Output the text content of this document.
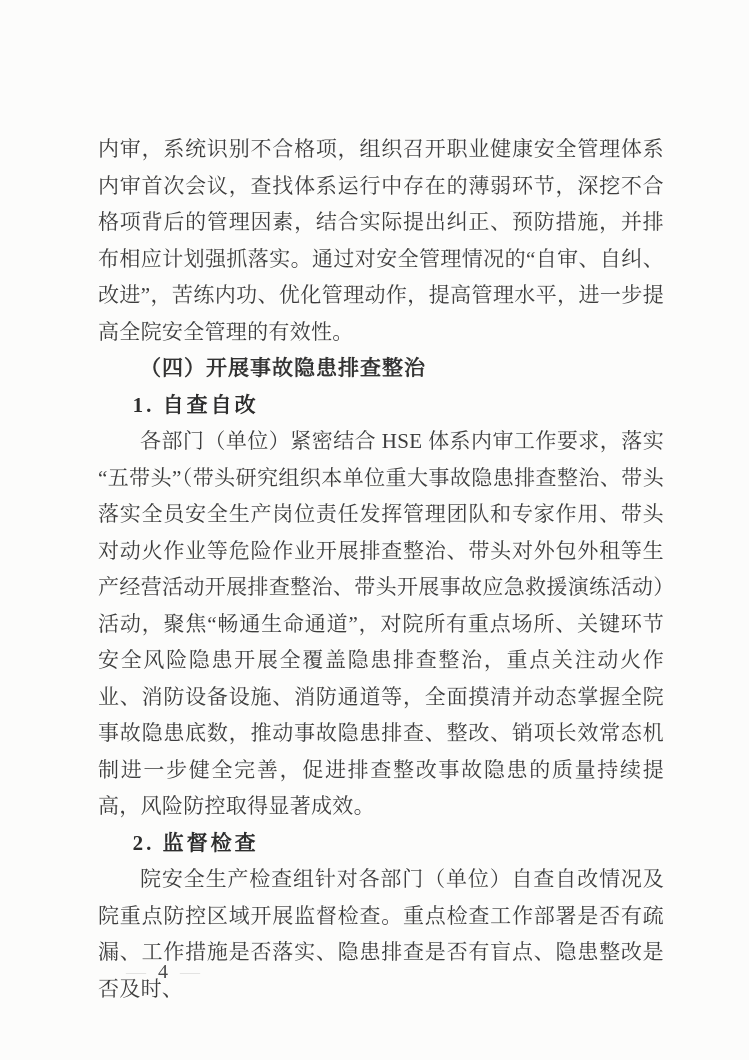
内审，系统识别不合格项，组织召开职业健康安全管理体系内审首次会议，查找体系运行中存在的薄弱环节，深挖不合格项背后的管理因素，结合实际提出纠正、预防措施，并排布相应计划强抓落实。通过对安全管理情况的“自审、自纠、改进”，苦练内功、优化管理动作，提高管理水平，进一步提高全院安全管理的有效性。

（四）开展事故隐患排查整治

1. 自查自改

各部门（单位）紧密结合 HSE 体系内审工作要求，落实“五带头”（带头研究组织本单位重大事故隐患排查整治、带头落实全员安全生产岗位责任发挥管理团队和专家作用、带头对动火作业等危险作业开展排查整治、带头对外包外租等生产经营活动开展排查整治、带头开展事故应急救援演练活动）活动，聚焦“畅通生命通道”，对院所有重点场所、关键环节安全风险隐患开展全覆盖隐患排查整治，重点关注动火作业、消防设备设施、消防通道等，全面摸清并动态掌握全院事故隐患底数，推动事故隐患排查、整改、销项长效常态机制进一步健全完善，促进排查整改事故隐患的质量持续提高，风险防控取得显著成效。

2. 监督检查

院安全生产检查组针对各部门（单位）自查自改情况及院重点防控区域开展监督检查。重点检查工作部署是否有疏漏、工作措施是否落实、隐患排查是否有盲点、隐患整改是否及时、

— 4 —
